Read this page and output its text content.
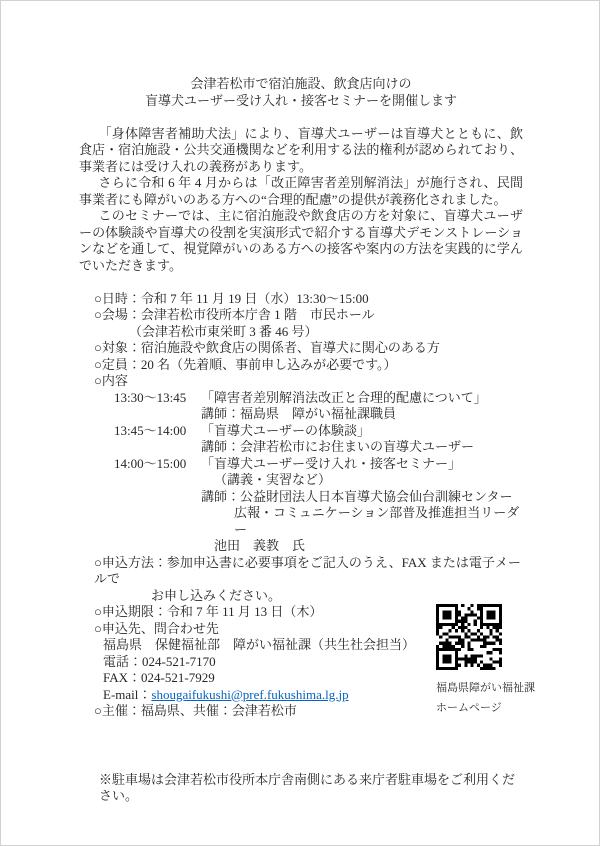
会津若松市で宿泊施設、飲食店向けの
盲導犬ユーザー受け入れ・接客セミナーを開催します
「身体障害者補助犬法」により、盲導犬ユーザーは盲導犬とともに、飲食店・宿泊施設・公共交通機関などを利用する法的権利が認められており、事業者には受け入れの義務があります。
さらに令和 6 年 4 月からは「改正障害者差別解消法」が施行され、民間事業者にも障がいのある方への“合理的配慮”の提供が義務化されました。
このセミナーでは、主に宿泊施設や飲食店の方を対象に、盲導犬ユーザーの体験談や盲導犬の役割を実演形式で紹介する盲導犬デモンストレーションなどを通して、視覚障がいのある方への接客や案内の方法を実践的に学んでいただきます。
○日時：令和 7 年 11 月 19 日（水）13:30～15:00
○会場：会津若松市役所本庁舎 1 階　市民ホール
（会津若松市東栄町 3 番 46 号）
○対象：宿泊施設や飲食店の関係者、盲導犬に関心のある方
○定員：20 名（先着順、事前申し込みが必要です。）
○内容
13:30～13:45	「障害者差別解消法改正と合理的配慮について」
講師：福島県　障がい福祉課職員
13:45～14:00	「盲導犬ユーザーの体験談」
講師：会津若松市にお住まいの盲導犬ユーザー
14:00～15:00	「盲導犬ユーザー受け入れ・接客セミナー」
（講義・実習など）
講師：公益財団法人日本盲導犬協会仙台訓練センター
広報・コミュニケーション部普及推進担当リーダー
池田　義教　氏
○申込方法：参加申込書に必要事項をご記入のうえ、FAX または電子メールで
お申し込みください。
○申込期限：令和 7 年 11 月 13 日（木）
○申込先、問合わせ先
福島県　保健福祉部　障がい福祉課（共生社会担当）
電話：024-521-7170
FAX：024-521-7929
E-mail：shougaifukushi@pref.fukushima.lg.jp
○主催：福島県、共催：会津若松市
※駐車場は会津若松市役所本庁舎南側にある来庁者駐車場をご利用ください。
福島県障がい福祉課
ホームページ
